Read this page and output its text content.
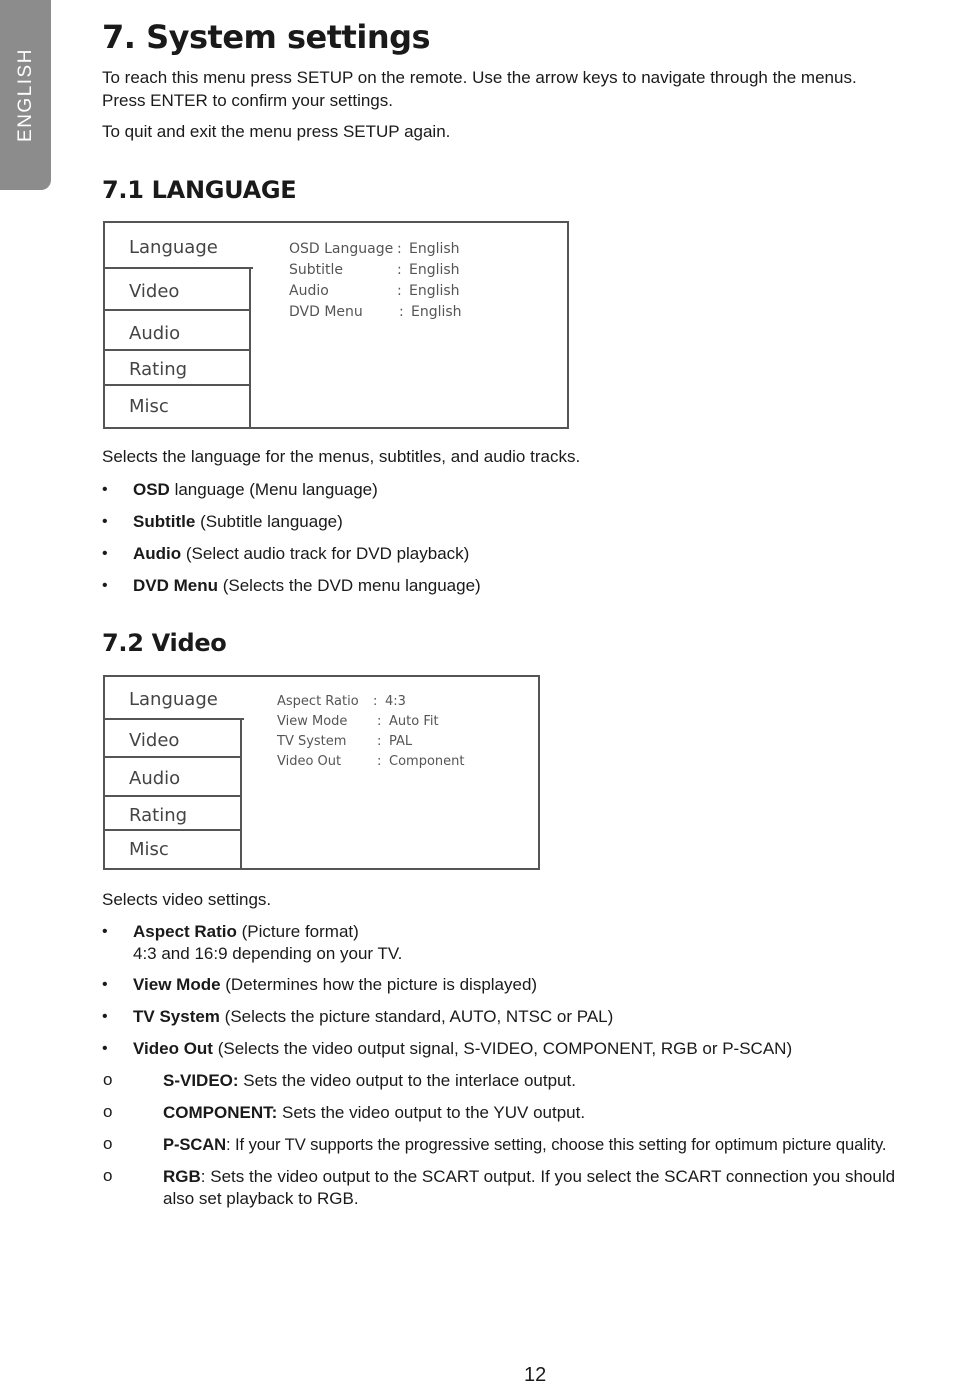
ENGLISH
7. System settings
To reach this menu press SETUP on the remote. Use the arrow keys to navigate through the menus.
Press ENTER to confirm your settings.
To quit and exit the menu press SETUP again.
7.1 LANGUAGE
Language
Video
Audio
Rating
Misc
OSD Language : English
Subtitle	: English
Audio	: English
DVD Menu	: English
Selects the language for the menus, subtitles, and audio tracks.
• OSD language (Menu language)
• Subtitle (Subtitle language)
• Audio (Select audio track for DVD playback)
• DVD Menu (Selects the DVD menu language)
7.2 Video
Language
Video
Audio
Rating
Misc
Aspect Ratio : 4:3
View Mode : Auto Fit
TV System : PAL
Video Out	: Component
Selects video settings.
• Aspect Ratio (Picture format)
4:3 and 16:9 depending on your TV.
• View Mode (Determines how the picture is displayed)
• TV System (Selects the picture standard, AUTO, NTSC or PAL)
• Video Out (Selects the video output signal, S-VIDEO, COMPONENT, RGB or P-SCAN)
o	S-VIDEO: Sets the video output to the interlace output.
o	COMPONENT: Sets the video output to the YUV output.
o	P-SCAN: If your TV supports the progressive setting, choose this setting for optimum picture quality.
o	RGB: Sets the video output to the SCART output. If you select the SCART connection you should
also set playback to RGB.
12
